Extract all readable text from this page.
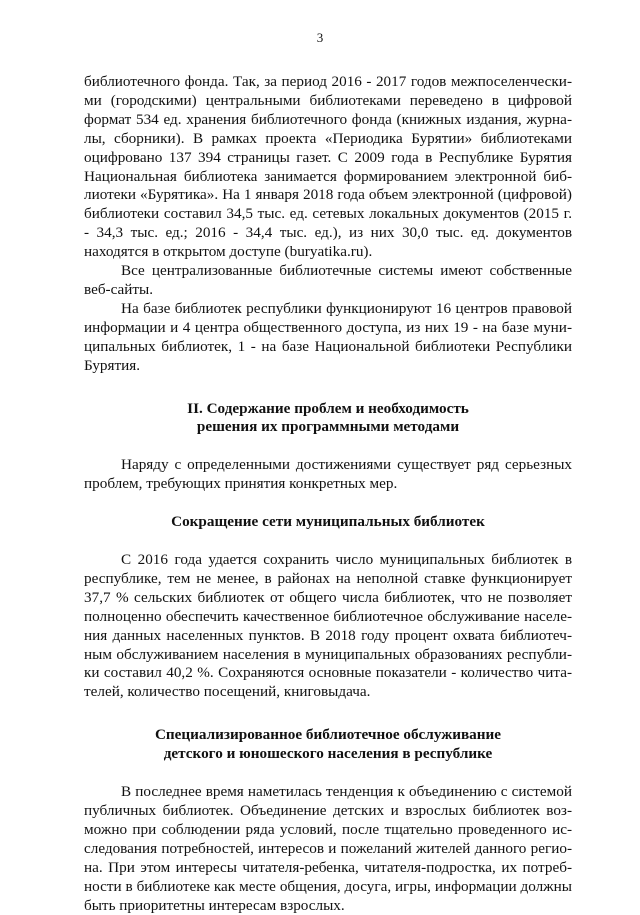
3

библиотечного фонда. Так, за период 2016 - 2017 годов межпоселенческими (городскими) центральными библиотеками переведено в цифровой формат 534 ед. хранения библиотечного фонда (книжных издания, журналы, сборники). В рамках проекта «Периодика Бурятии» библиотеками оцифровано 137 394 страницы газет. С 2009 года в Республике Бурятия Национальная библиотека занимается формированием электронной библиотеки «Бурятика». На 1 января 2018 года объем электронной (цифровой) библиотеки составил 34,5 тыс. ед. сетевых локальных документов (2015 г. - 34,3 тыс. ед.; 2016 - 34,4 тыс. ед.), из них 30,0 тыс. ед. документов находятся в открытом доступе (buryatika.ru).

Все централизованные библиотечные системы имеют собственные веб-сайты.

На базе библиотек республики функционируют 16 центров правовой информации и 4 центра общественного доступа, из них 19 - на базе муниципальных библиотек, 1 - на базе Национальной библиотеки Республики Бурятия.

II. Содержание проблем и необходимость
решения их программными методами

Наряду с определенными достижениями существует ряд серьезных проблем, требующих принятия конкретных мер.

Сокращение сети муниципальных библиотек

С 2016 года удается сохранить число муниципальных библиотек в республике, тем не менее, в районах на неполной ставке функционирует 37,7 % сельских библиотек от общего числа библиотек, что не позволяет полноценно обеспечить качественное библиотечное обслуживание населения данных населенных пунктов. В 2018 году процент охвата библиотечным обслуживанием населения в муниципальных образованиях республики составил 40,2 %. Сохраняются основные показатели - количество читателей, количество посещений, книговыдача.

Специализированное библиотечное обслуживание
детского и юношеского населения в республике

В последнее время наметилась тенденция к объединению с системой публичных библиотек. Объединение детских и взрослых библиотек возможно при соблюдении ряда условий, после тщательно проведенного исследования потребностей, интересов и пожеланий жителей данного региона. При этом интересы читателя-ребенка, читателя-подростка, их потребности в библиотеке как месте общения, досуга, игры, информации должны быть приоритетны интересам взрослых.
